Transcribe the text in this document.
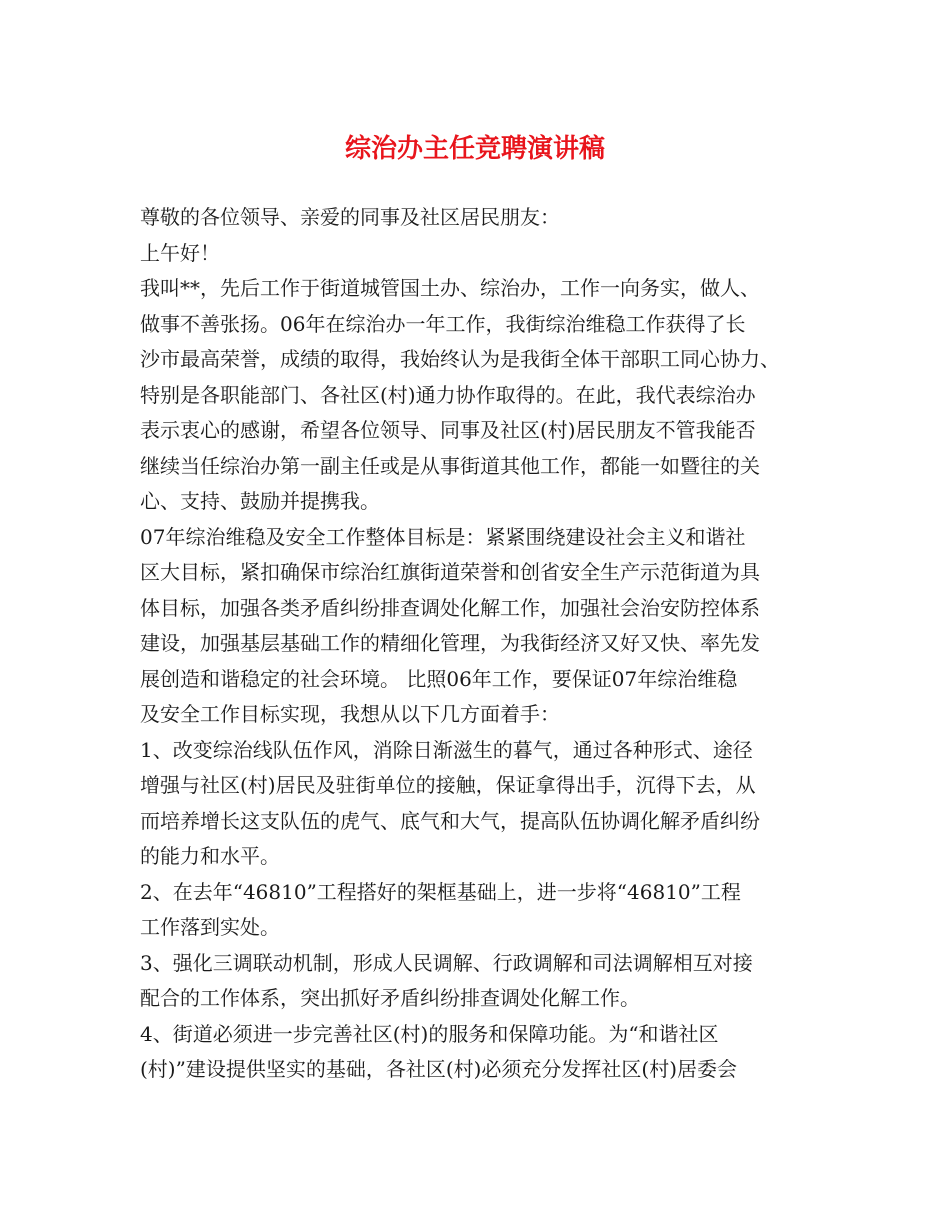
综治办主任竞聘演讲稿
尊敬的各位领导、亲爱的同事及社区居民朋友：
上午好！
我叫**，先后工作于街道城管国土办、综治办，工作一向务实，做人、
做事不善张扬。06年在综治办一年工作，我街综治维稳工作获得了长
沙市最高荣誉，成绩的取得，我始终认为是我街全体干部职工同心协力、
特别是各职能部门、各社区(村)通力协作取得的。在此，我代表综治办
表示衷心的感谢，希望各位领导、同事及社区(村)居民朋友不管我能否
继续当任综治办第一副主任或是从事街道其他工作，都能一如暨往的关
心、支持、鼓励并提携我。
07年综治维稳及安全工作整体目标是：紧紧围绕建设社会主义和谐社
区大目标，紧扣确保市综治红旗街道荣誉和创省安全生产示范街道为具
体目标，加强各类矛盾纠纷排查调处化解工作，加强社会治安防控体系
建设，加强基层基础工作的精细化管理，为我街经济又好又快、率先发
展创造和谐稳定的社会环境。 比照06年工作，要保证07年综治维稳
及安全工作目标实现，我想从以下几方面着手：
1、改变综治线队伍作风，消除日渐滋生的暮气，通过各种形式、途径
增强与社区(村)居民及驻街单位的接触，保证拿得出手，沉得下去，从
而培养增长这支队伍的虎气、底气和大气，提高队伍协调化解矛盾纠纷
的能力和水平。
2、在去年“46810”工程搭好的架框基础上，进一步将“46810”工程
工作落到实处。
3、强化三调联动机制，形成人民调解、行政调解和司法调解相互对接
配合的工作体系，突出抓好矛盾纠纷排查调处化解工作。
4、街道必须进一步完善社区(村)的服务和保障功能。为“和谐社区
(村)”建设提供坚实的基础，各社区(村)必须充分发挥社区(村)居委会
